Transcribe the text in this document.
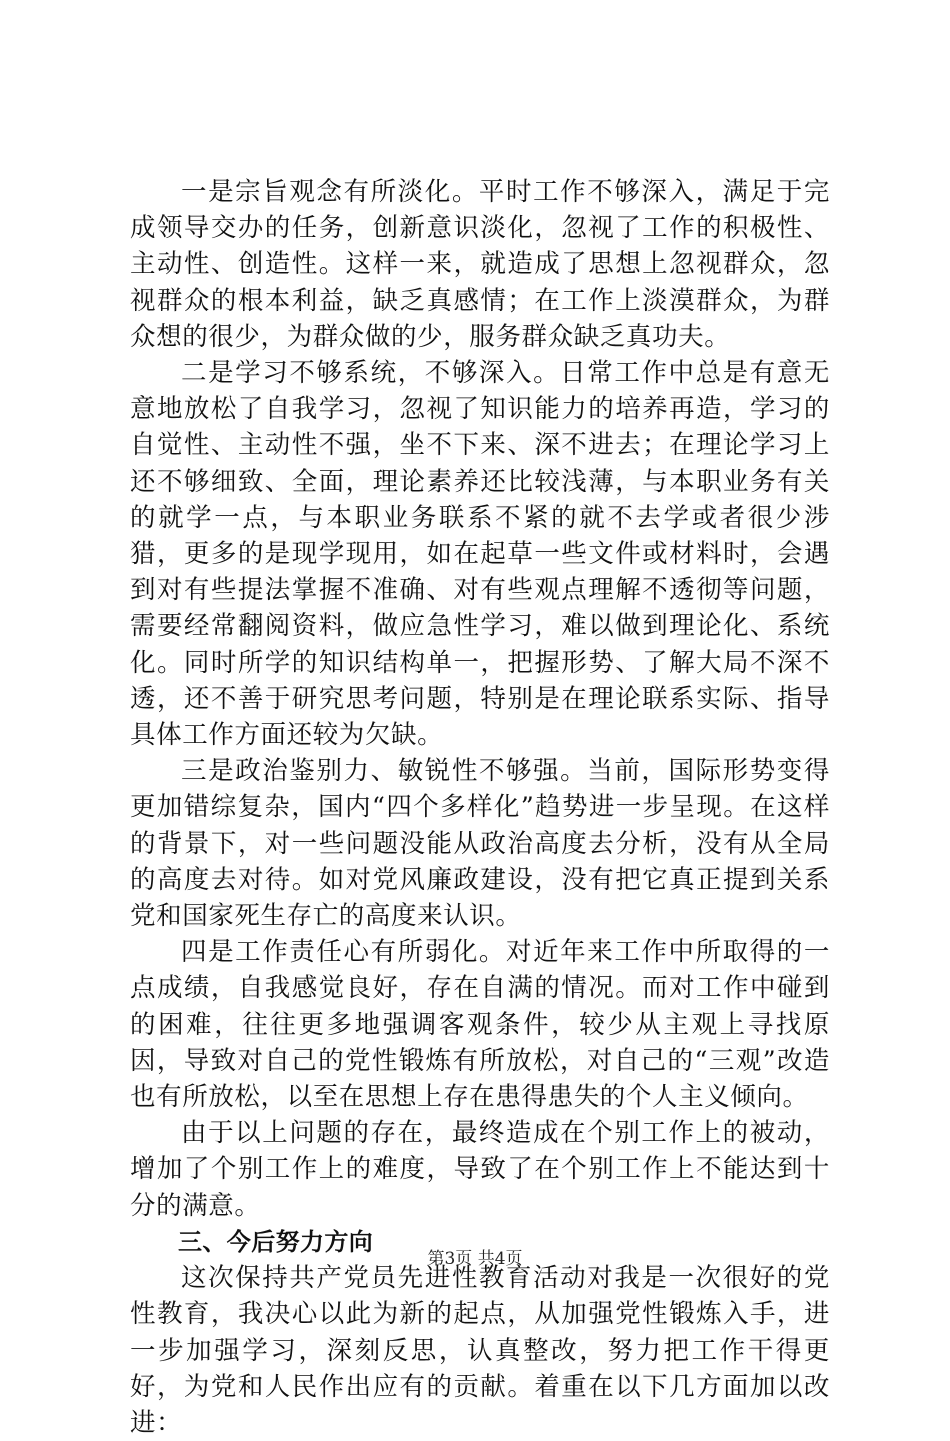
一是宗旨观念有所淡化。平时工作不够深入，满足于完成领导交办的任务，创新意识淡化，忽视了工作的积极性、主动性、创造性。这样一来，就造成了思想上忽视群众，忽视群众的根本利益，缺乏真感情；在工作上淡漠群众，为群众想的很少，为群众做的少，服务群众缺乏真功夫。

二是学习不够系统，不够深入。日常工作中总是有意无意地放松了自我学习，忽视了知识能力的培养再造，学习的自觉性、主动性不强，坐不下来、深不进去；在理论学习上还不够细致、全面，理论素养还比较浅薄，与本职业务有关的就学一点，与本职业务联系不紧的就不去学或者很少涉猎，更多的是现学现用，如在起草一些文件或材料时，会遇到对有些提法掌握不准确、对有些观点理解不透彻等问题，需要经常翻阅资料，做应急性学习，难以做到理论化、系统化。同时所学的知识结构单一，把握形势、了解大局不深不透，还不善于研究思考问题，特别是在理论联系实际、指导具体工作方面还较为欠缺。

三是政治鉴别力、敏锐性不够强。当前，国际形势变得更加错综复杂，国内“四个多样化”趋势进一步呈现。在这样的背景下，对一些问题没能从政治高度去分析，没有从全局的高度去对待。如对党风廉政建设，没有把它真正提到关系党和国家死生存亡的高度来认识。

四是工作责任心有所弱化。对近年来工作中所取得的一点成绩，自我感觉良好，存在自满的情况。而对工作中碰到的困难，往往更多地强调客观条件，较少从主观上寻找原因，导致对自己的党性锻炼有所放松，对自己的“三观”改造也有所放松，以至在思想上存在患得患失的个人主义倾向。

由于以上问题的存在，最终造成在个别工作上的被动，增加了个别工作上的难度，导致了在个别工作上不能达到十分的满意。

三、今后努力方向

这次保持共产党员先进性教育活动对我是一次很好的党性教育，我决心以此为新的起点，从加强党性锻炼入手，进一步加强学习，深刻反思，认真整改，努力把工作干得更好，为党和人民作出应有的贡献。着重在以下几方面加以改进：

第3页 共4页
